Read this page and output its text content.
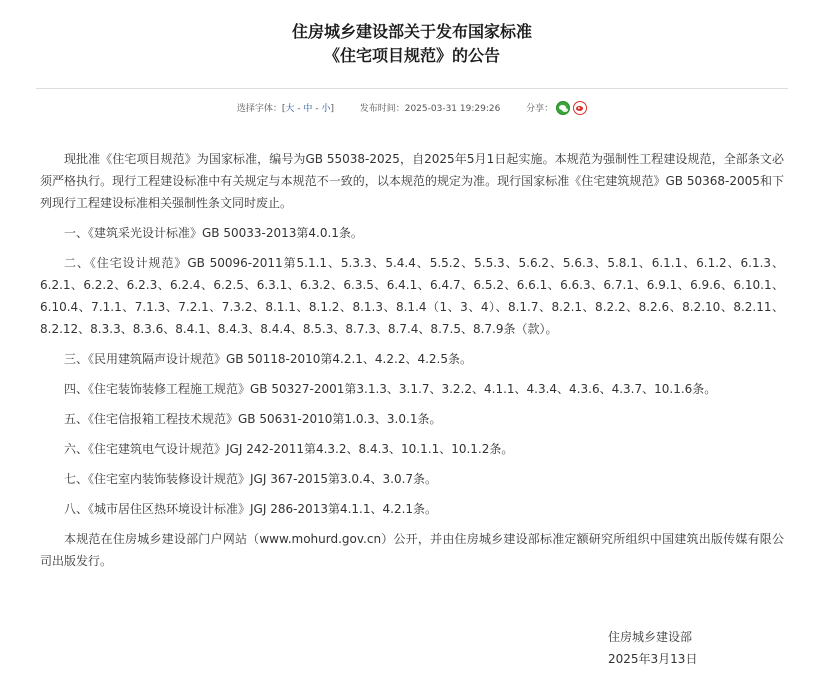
住房城乡建设部关于发布国家标准
《住宅项目规范》的公告
选择字体：[大 - 中 - 小]	发布时间：2025-03-31 19:29:26	分享：

现批准《住宅项目规范》为国家标准，编号为GB 55038-2025，自2025年5月1日起实施。本规范为强制性工程建设规范，全部条文必须严格执行。现行工程建设标准中有关规定与本规范不一致的，以本规范的规定为准。现行国家标准《住宅建筑规范》GB 50368-2005和下列现行工程建设标准相关强制性条文同时废止。

一、《建筑采光设计标准》GB 50033-2013第4.0.1条。

二、《住宅设计规范》GB 50096-2011第5.1.1、5.3.3、5.4.4、5.5.2、5.5.3、5.6.2、5.6.3、5.8.1、6.1.1、6.1.2、6.1.3、6.2.1、6.2.2、6.2.3、6.2.4、6.2.5、6.3.1、6.3.2、6.3.5、6.4.1、6.4.7、6.5.2、6.6.1、6.6.3、6.7.1、6.9.1、6.9.6、6.10.1、6.10.4、7.1.1、7.1.3、7.2.1、7.3.2、8.1.1、8.1.2、8.1.3、8.1.4（1、3、4）、8.1.7、8.2.1、8.2.2、8.2.6、8.2.10、8.2.11、8.2.12、8.3.3、8.3.6、8.4.1、8.4.3、8.4.4、8.5.3、8.7.3、8.7.4、8.7.5、8.7.9条（款）。

三、《民用建筑隔声设计规范》GB 50118-2010第4.2.1、4.2.2、4.2.5条。

四、《住宅装饰装修工程施工规范》GB 50327-2001第3.1.3、3.1.7、3.2.2、4.1.1、4.3.4、4.3.6、4.3.7、10.1.6条。

五、《住宅信报箱工程技术规范》GB 50631-2010第1.0.3、3.0.1条。

六、《住宅建筑电气设计规范》JGJ 242-2011第4.3.2、8.4.3、10.1.1、10.1.2条。

七、《住宅室内装饰装修设计规范》JGJ 367-2015第3.0.4、3.0.7条。

八、《城市居住区热环境设计标准》JGJ 286-2013第4.1.1、4.2.1条。

本规范在住房城乡建设部门户网站（www.mohurd.gov.cn）公开，并由住房城乡建设部标准定额研究所组织中国建筑出版传媒有限公司出版发行。

住房城乡建设部
2025年3月13日
